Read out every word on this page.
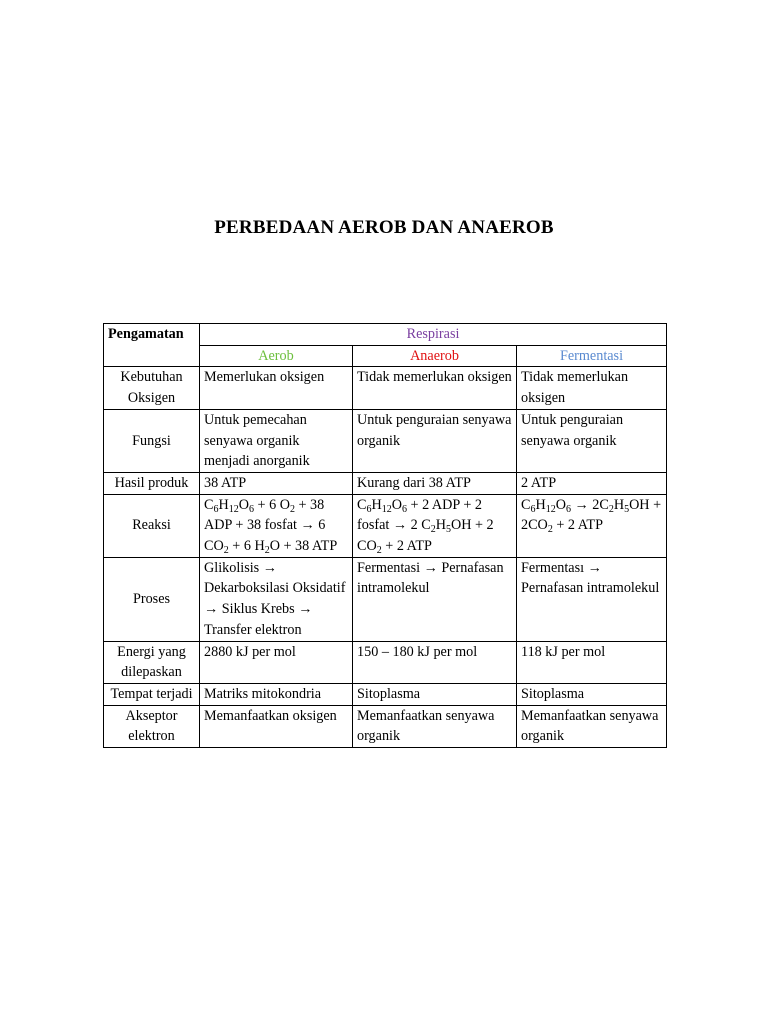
PERBEDAAN AEROB DAN ANAEROB
Pengamatan	Respirasi		
	Aerob	Anaerob	Fermentasi
Kebutuhan Oksigen	Memerlukan oksigen	Tidak memerlukan oksigen	Tidak memerlukan oksigen
Fungsi	Untuk pemecahan senyawa organik menjadi anorganik	Untuk penguraian senyawa organik	Untuk penguraian senyawa organik
Hasil produk	38 ATP	Kurang dari 38 ATP	2 ATP
Reaksi	$C_6H_{12}O_6 + 6$ $O_2 + 38$ ADP + 38 fosfat → 6 $CO_2 + 6$ $H_2O + 38$ ATP	$C_6H_{12}O_6 + 2$ ADP + 2 fosfat → 2 $C_2H_5OH + 2$ $CO_2 + 2$ ATP	$C_6H_{12}O_6 \to 2C_2H_5OH + 2CO_2 + 2$ ATP
Proses	Glikolisis → Dekarboksilasi Oksidatif → Siklus Krebs → Transfer elektron	Fermentasi → Pernafasan intramolekul	Fermentası → Pernafasan intramolekul
Energi yang dilepaskan	2880 kJ per mol	150 – 180 kJ per mol	118 kJ per mol
Tempat terjadi	Matriks mitokondria	Sitoplasma	Sitoplasma
Akseptor elektron	Memanfaatkan oksigen	Memanfaatkan senyawa organik	Memanfaatkan senyawa organik
